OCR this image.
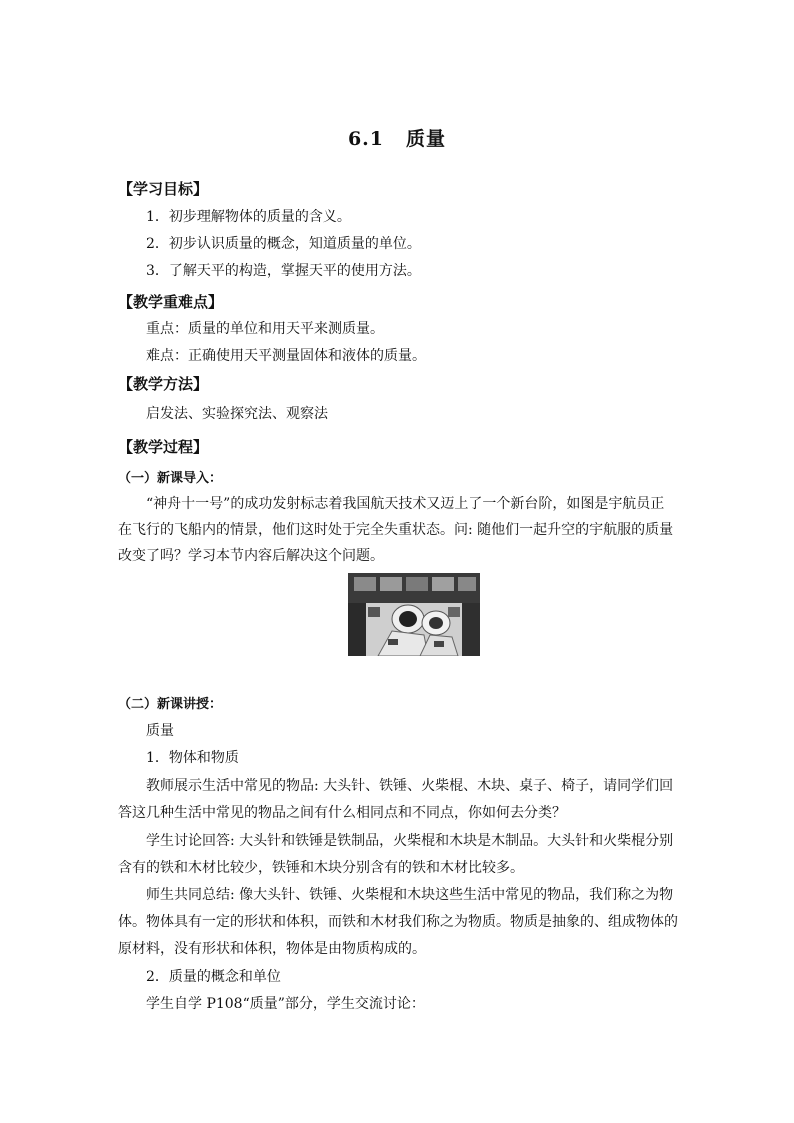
6.1 质量
【学习目标】
1．初步理解物体的质量的含义。
2．初步认识质量的概念，知道质量的单位。
3．了解天平的构造，掌握天平的使用方法。
【教学重难点】
重点：质量的单位和用天平来测质量。
难点：正确使用天平测量固体和液体的质量。
【教学方法】
启发法、实验探究法、观察法
【教学过程】
（一）新课导入：
“神舟十一号”的成功发射标志着我国航天技术又迈上了一个新台阶，如图是宇航员正
在飞行的飞船内的情景，他们这时处于完全失重状态。问: 随他们一起升空的宇航服的质量
改变了吗？学习本节内容后解决这个问题。
（二）新课讲授：
质量
1．物体和物质
教师展示生活中常见的物品: 大头针、铁锤、火柴棍、木块、桌子、椅子，请同学们回
答这几种生活中常见的物品之间有什么相同点和不同点，你如何去分类？
学生讨论回答: 大头针和铁锤是铁制品，火柴棍和木块是木制品。大头针和火柴棍分别
含有的铁和木材比较少，铁锤和木块分别含有的铁和木材比较多。
师生共同总结: 像大头针、铁锤、火柴棍和木块这些生活中常见的物品，我们称之为物
体。物体具有一定的形状和体积，而铁和木材我们称之为物质。物质是抽象的、组成物体的
原材料，没有形状和体积，物体是由物质构成的。
2．质量的概念和单位
学生自学 P108“质量”部分，学生交流讨论：
